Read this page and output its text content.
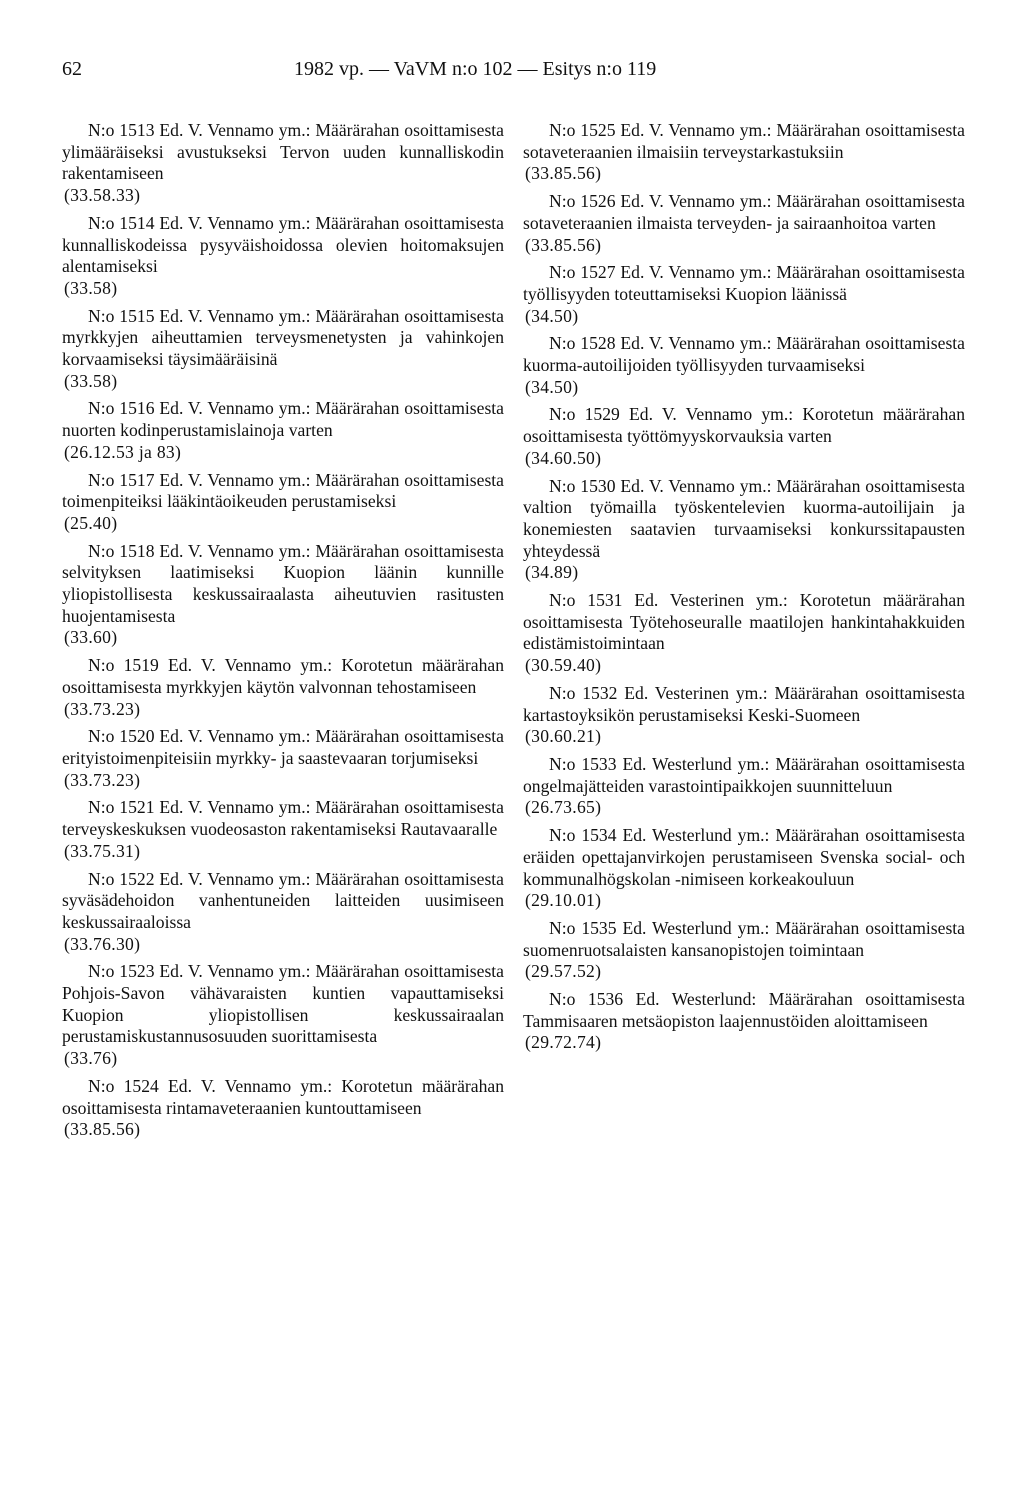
62	1982 vp. — VaVM n:o 102 — Esitys n:o 119

N:o 1513 Ed. V. Vennamo ym.: Määrärahan osoittamisesta ylimääräiseksi avustukseksi Tervon uuden kunnalliskodin rakentamiseen

(33.58.33)

N:o 1514 Ed. V. Vennamo ym.: Määrärahan osoittamisesta kunnalliskodeissa pysyväishoidossa olevien hoitomaksujen alentamiseksi

(33.58)

N:o 1515 Ed. V. Vennamo ym.: Määrärahan osoittamisesta myrkkyjen aiheuttamien terveysmenetysten ja vahinkojen korvaamiseksi täysimääräisinä

(33.58)

N:o 1516 Ed. V. Vennamo ym.: Määrärahan osoittamisesta nuorten kodinperustamislainoja varten

(26.12.53 ja 83)

N:o 1517 Ed. V. Vennamo ym.: Määrärahan osoittamisesta toimenpiteiksi lääkintäoikeuden perustamiseksi

(25.40)

N:o 1518 Ed. V. Vennamo ym.: Määrärahan osoittamisesta selvityksen laatimiseksi Kuopion läänin kunnille yliopistollisesta keskussairaalasta aiheutuvien rasitusten huojentamisesta

(33.60)

N:o 1519 Ed. V. Vennamo ym.: Korotetun määrärahan osoittamisesta myrkkyjen käytön valvonnan tehostamiseen

(33.73.23)

N:o 1520 Ed. V. Vennamo ym.: Määrärahan osoittamisesta erityistoimenpiteisiin myrkky- ja saastevaaran torjumiseksi

(33.73.23)

N:o 1521 Ed. V. Vennamo ym.: Määrärahan osoittamisesta terveyskeskuksen vuodeosaston rakentamiseksi Rautavaaralle

(33.75.31)

N:o 1522 Ed. V. Vennamo ym.: Määrärahan osoittamisesta syväsädehoidon vanhentuneiden laitteiden uusimiseen keskussairaaloissa

(33.76.30)

N:o 1523 Ed. V. Vennamo ym.: Määrärahan osoittamisesta Pohjois-Savon vähävaraisten kuntien vapauttamiseksi Kuopion yliopistollisen keskussairaalan perustamiskustannusosuuden suorittamisesta

(33.76)

N:o 1524 Ed. V. Vennamo ym.: Korotetun määrärahan osoittamisesta rintamaveteraanien kuntouttamiseen

(33.85.56)

N:o 1525 Ed. V. Vennamo ym.: Määrärahan osoittamisesta sotaveteraanien ilmaisiin terveystarkastuksiin

(33.85.56)

N:o 1526 Ed. V. Vennamo ym.: Määrärahan osoittamisesta sotaveteraanien ilmaista terveyden- ja sairaanhoitoa varten

(33.85.56)

N:o 1527 Ed. V. Vennamo ym.: Määrärahan osoittamisesta työllisyyden toteuttamiseksi Kuopion läänissä

(34.50)

N:o 1528 Ed. V. Vennamo ym.: Määrärahan osoittamisesta kuorma-autoilijoiden työllisyyden turvaamiseksi

(34.50)

N:o 1529 Ed. V. Vennamo ym.: Korotetun määrärahan osoittamisesta työttömyyskorvauksia varten

(34.60.50)

N:o 1530 Ed. V. Vennamo ym.: Määrärahan osoittamisesta valtion työmailla työskentelevien kuorma-autoilijain ja konemiesten saatavien turvaamiseksi konkurssitapausten yhteydessä

(34.89)

N:o 1531 Ed. Vesterinen ym.: Korotetun määrärahan osoittamisesta Työtehoseuralle maatilojen hankintahakkuiden edistämistoimintaan

(30.59.40)

N:o 1532 Ed. Vesterinen ym.: Määrärahan osoittamisesta kartastoyksikön perustamiseksi Keski-Suomeen

(30.60.21)

N:o 1533 Ed. Westerlund ym.: Määrärahan osoittamisesta ongelmajätteiden varastointipaikkojen suunnitteluun

(26.73.65)

N:o 1534 Ed. Westerlund ym.: Määrärahan osoittamisesta eräiden opettajanvirkojen perustamiseen Svenska social- och kommunalhögskolan -nimiseen korkeakouluun

(29.10.01)

N:o 1535 Ed. Westerlund ym.: Määrärahan osoittamisesta suomenruotsalaisten kansanopistojen toimintaan

(29.57.52)

N:o 1536 Ed. Westerlund: Määrärahan osoittamisesta Tammisaaren metsäopiston laajennustöiden aloittamiseen

(29.72.74)
